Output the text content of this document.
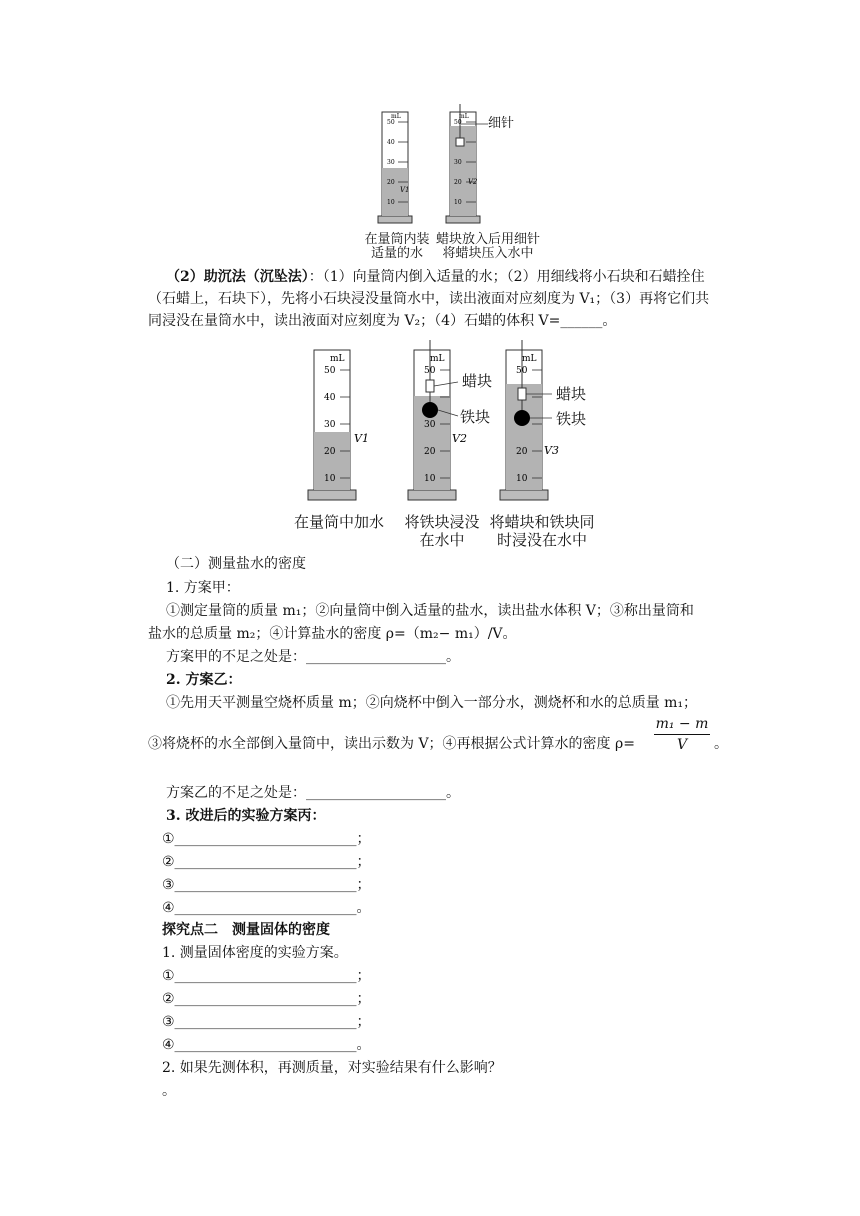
mL
50
40
30
20
10
V1
mL
50
30
20
10
V2
细针
在量筒内装
适量的水
蜡块放入后用细针
将蜡块压入水中
（2）助沉法（沉坠法）：（1）向量筒内倒入适量的水；（2）用细线将小石块和石蜡拴住
（石蜡上，石块下），先将小石块浸没量筒水中，读出液面对应刻度为 V₁；（3）再将它们共
同浸没在量筒水中，读出液面对应刻度为 V₂；（4）石蜡的体积 V=______。
mL
50
40
30
20
10
V1
mL
50
30
20
10
V2
mL
50
20
10
V3
蜡块
铁块
蜡块
铁块
在量筒中加水 将铁块浸没
在水中
将蜡块和铁块同
时浸没在水中
（二）测量盐水的密度
1. 方案甲：
①测定量筒的质量 m₁；②向量筒中倒入适量的盐水，读出盐水体积 V；③称出量筒和
盐水的总质量 m₂；④计算盐水的密度 ρ=（m₂− m₁）/V。
方案甲的不足之处是：____________________。
2. 方案乙：
①先用天平测量空烧杯质量 m；②向烧杯中倒入一部分水，测烧杯和水的总质量 m₁；
③将烧杯的水全部倒入量筒中，读出示数为 V；④再根据公式计算水的密度 ρ=
m₁ − m
V	。
方案乙的不足之处是：____________________。
3. 改进后的实验方案丙：
①__________________________；
②__________________________；
③__________________________；
④__________________________。
探究点二　测量固体的密度
1. 测量固体密度的实验方案。
①__________________________；
②__________________________；
③__________________________；
④__________________________。
2. 如果先测体积，再测质量，对实验结果有什么影响？
。
